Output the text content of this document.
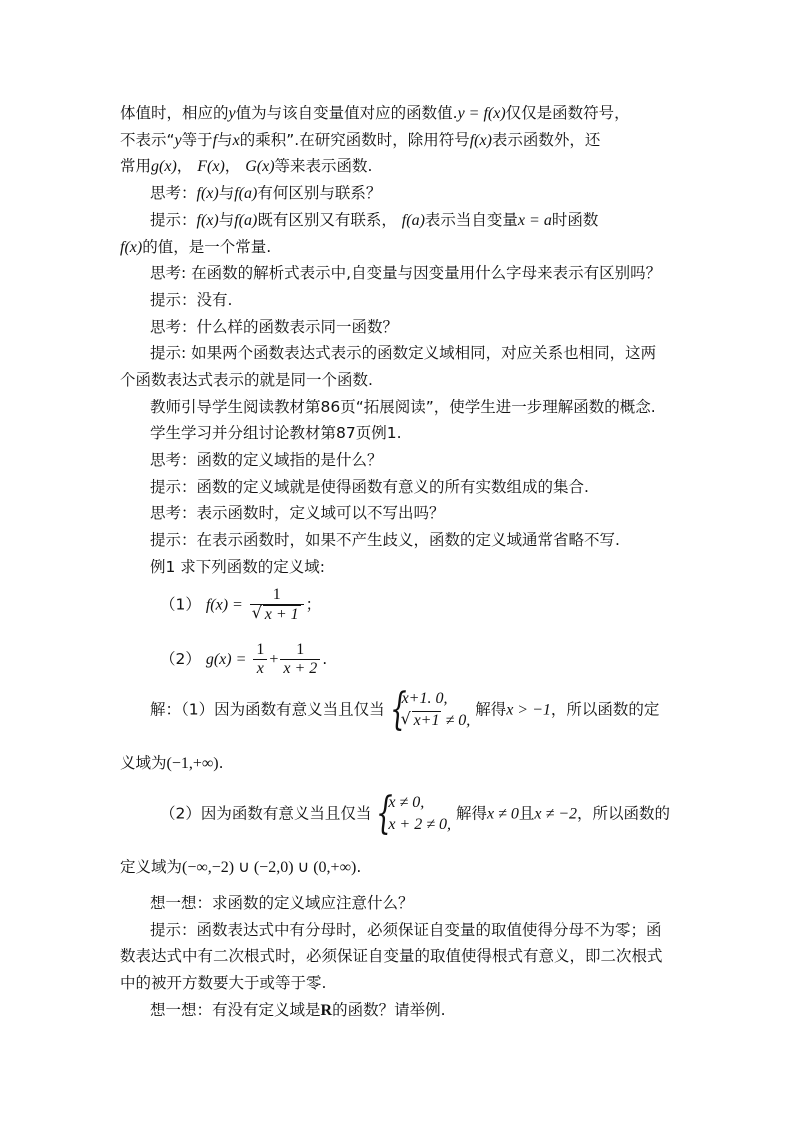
体值时，相应的y值为与该自变量值对应的函数值.y = f(x)仅仅是函数符号，
不表示“y等于f与x的乘积”.在研究函数时，除用符号f(x)表示函数外，还
常用g(x)， F(x)， G(x)等来表示函数.
思考：f(x)与f(a)有何区别与联系？
提示：f(x)与f(a)既有区别又有联系， f(a)表示当自变量x = a时函数
f(x)的值，是一个常量.
思考: 在函数的解析式表示中,自变量与因变量用什么字母来表示有区别吗？
提示：没有.
思考：什么样的函数表示同一函数？
提示: 如果两个函数表达式表示的函数定义域相同，对应关系也相同，这两
个函数表达式表示的就是同一个函数.
教师引导学生阅读教材第86页“拓展阅读”，使学生进一步理解函数的概念.
学生学习并分组讨论教材第87页例1.
思考：函数的定义域指的是什么？
提示：函数的定义域就是使得函数有意义的所有实数组成的集合.
思考：表示函数时，定义域可以不写出吗？
提示：在表示函数时，如果不产生歧义，函数的定义域通常省略不写.
例1 求下列函数的定义域:
（1） f(x) = 1
√ x + 1 ；
（2） $g(x) = \frac{1}{x} + \frac{1}{x + 2}$ .
解：（1）因为函数有意义当且仅当 {
x+1. 0,
√ x+1 ≠ 0,
解得x > −1，所以函数的定
义域为(−1,+∞).
（2）因为函数有意义当且仅当 {
x ≠ 0,
x + 2 ≠ 0,
解得x ≠ 0且x ≠ −2，所以函数的
定义域为(−∞,−2) ∪ (−2,0) ∪ (0,+∞).
想一想：求函数的定义域应注意什么？
提示：函数表达式中有分母时，必须保证自变量的取值使得分母不为零；函
数表达式中有二次根式时，必须保证自变量的取值使得根式有意义，即二次根式
中的被开方数要大于或等于零.
想一想：有没有定义域是R的函数？请举例.
